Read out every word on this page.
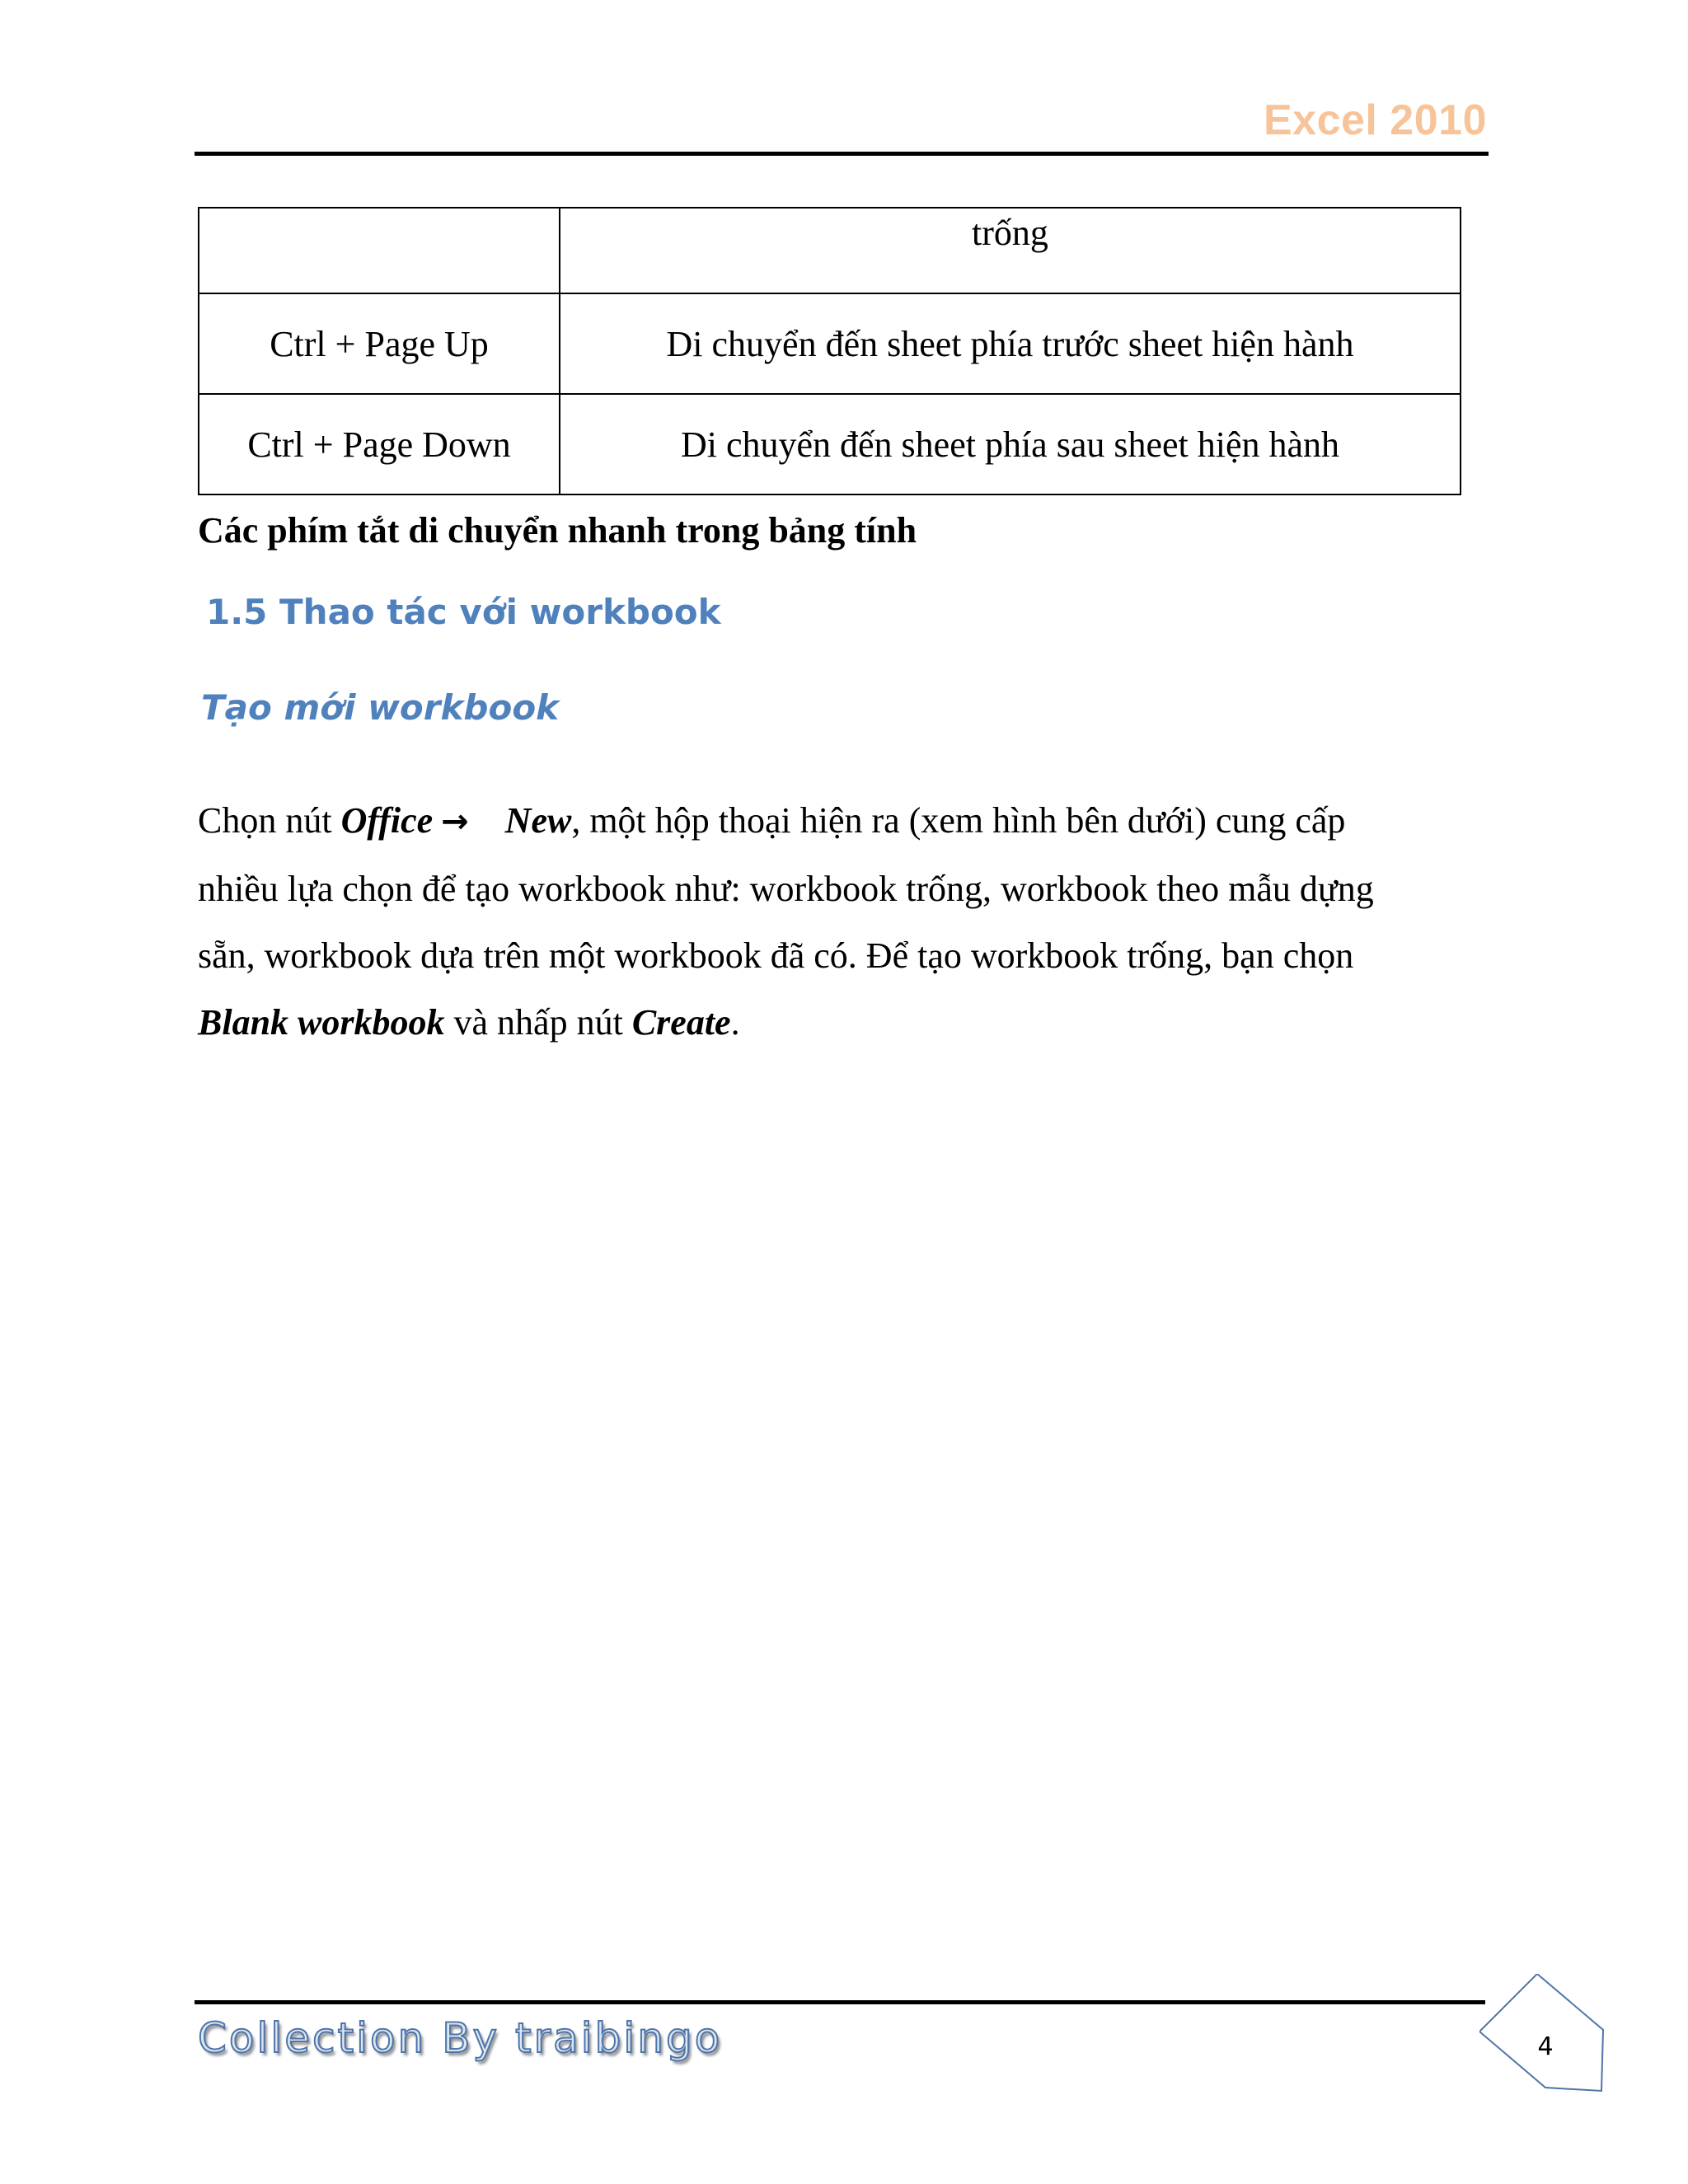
Excel 2010
	trống
Ctrl + Page Up	Di chuyển đến sheet phía trước sheet hiện hành
Ctrl + Page Down	Di chuyển đến sheet phía sau sheet hiện hành
Các phím tắt di chuyển nhanh trong bảng tính
1.5 Thao tác với workbook
Tạo mới workbook
Chọn nút Office → New, một hộp thoại hiện ra (xem hình bên dưới) cung cấp
nhiều lựa chọn để tạo workbook như: workbook trống, workbook theo mẫu dựng
sẵn, workbook dựa trên một workbook đã có. Để tạo workbook trống, bạn chọn
Blank workbook và nhấp nút Create.
Collection By traibingo	4
